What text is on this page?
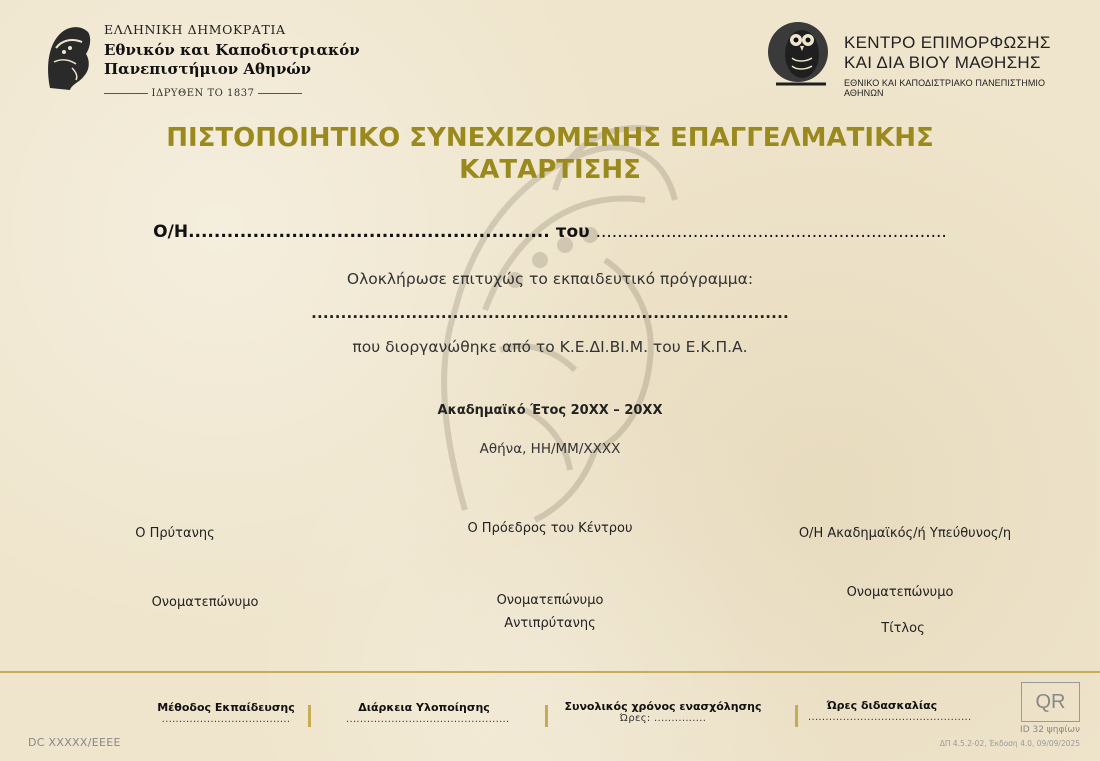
ΕΛΛΗΝΙΚΗ ΔΗΜΟΚΡΑΤΙΑ
Εθνικόν και Καποδιστριακόν
Πανεπιστήμιον Αθηνών
ΙΔΡΥΘΕΝ ΤΟ 1837
ΚΕΝΤΡΟ ΕΠΙΜΟΡΦΩΣΗΣ
ΚΑΙ ΔΙΑ ΒΙΟΥ ΜΑΘΗΣΗΣ
ΕΘΝΙΚΟ ΚΑΙ ΚΑΠΟΔΙΣΤΡΙΑΚΟ ΠΑΝΕΠΙΣΤΗΜΙΟ ΑΘΗΝΩΝ
ΠΙΣΤΟΠΟΙΗΤΙΚΟ ΣΥΝΕΧΙΖΟΜΕΝΗΣ ΕΠΑΓΓΕΛΜΑΤΙΚΗΣ
ΚΑΤΑΡΤΙΣΗΣ
Ο/Η........................................................ του .................................................................
Ολοκλήρωσε επιτυχώς το εκπαιδευτικό πρόγραμμα:
.................................................................................
που διοργανώθηκε από το Κ.Ε.ΔΙ.ΒΙ.Μ. του Ε.Κ.Π.Α.
Ακαδημαϊκό Έτος 20ΧΧ – 20ΧΧ
Αθήνα, ΗΗ/ΜΜ/ΧΧΧΧ
Ο Πρύτανης
Ονοματεπώνυμο
Ο Πρόεδρος του Κέντρου
Ονοματεπώνυμο
Αντιπρύτανης
Ο/Η Ακαδημαϊκός/ή Υπεύθυνος/η
Ονοματεπώνυμο
Τίτλος
Μέθοδος Εκπαίδευσης
.....................................
Διάρκεια Υλοποίησης
...............................................
Συνολικός χρόνος ενασχόλησης
Ώρες: ...............
Ώρες διδασκαλίας
...............................................
QR
ID 32 ψηφίων
ΔΠ 4.5.2-02, Έκδοση 4.0, 09/09/2025
DC XXXXX/EEEE
